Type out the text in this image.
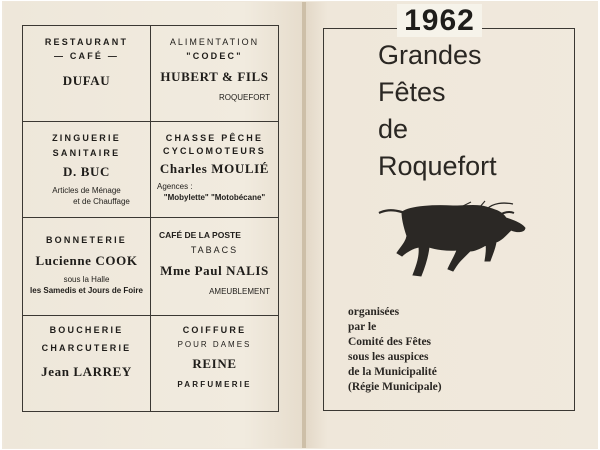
RESTAURANT
— CAFÉ —
DUFAU
ALIMENTATION
"CODEC"
HUBERT & FILS
ROQUEFORT
ZINGUERIE
SANITAIRE
D. BUC
Articles de Ménage
et de Chauffage
CHASSE PÊCHE
CYCLOMOTEURS
Charles MOULIÉ
Agences :
"Mobylette" "Motobécane"
BONNETERIE
Lucienne COOK
sous la Halle
les Samedis et Jours de Foire
CAFÉ DE LA POSTE
TABACS
Mme Paul NALIS
AMEUBLEMENT
BOUCHERIE
CHARCUTERIE
Jean LARREY
COIFFURE
POUR DAMES
REINE
PARFUMERIE
Grandes
Fêtes
de
Roquefort
organisées
par le
Comité des Fêtes
sous les auspices
de la Municipalité
(Régie Municipale)
1962
